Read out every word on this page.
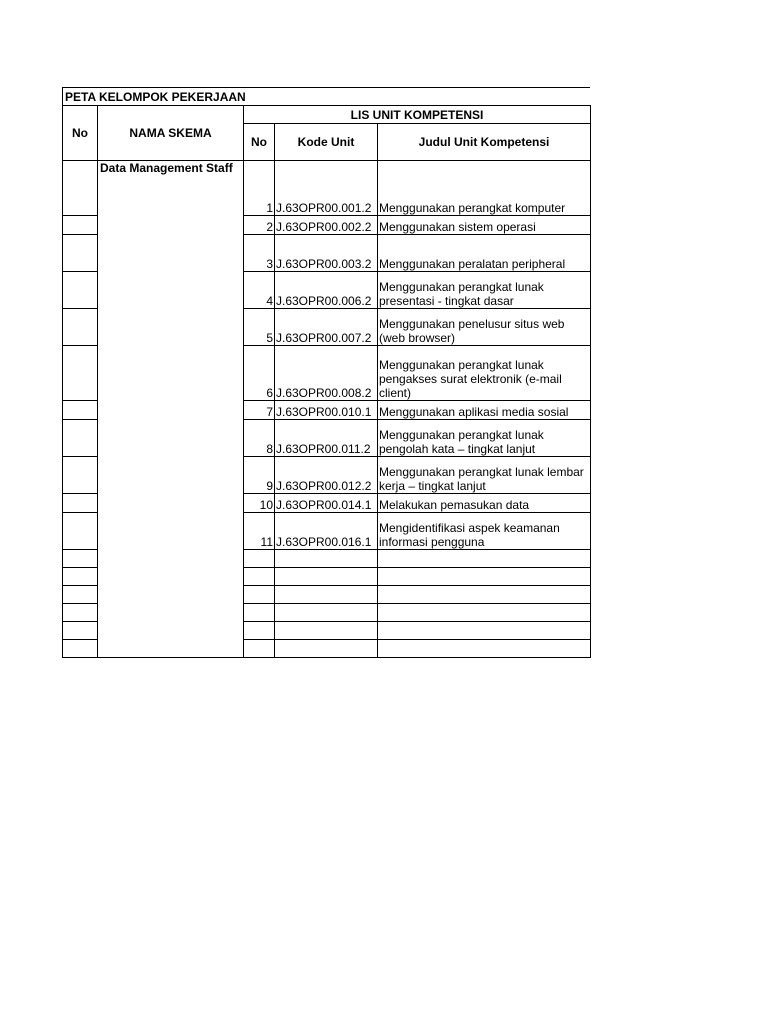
PETA KELOMPOK PEKERJAAN
No	NAMA SKEMA	LIS UNIT KOMPETENSI		
		No	Kode Unit	Judul Unit Kompetensi
	Data Management Staff	1	J.63OPR00.001.2	Menggunakan perangkat komputer
		2	J.63OPR00.002.2	Menggunakan sistem operasi
		3	J.63OPR00.003.2	Menggunakan peralatan peripheral
		4	J.63OPR00.006.2	Menggunakan perangkat lunak presentasi - tingkat dasar
		5	J.63OPR00.007.2	Menggunakan penelusur situs web (web browser)
		6	J.63OPR00.008.2	Menggunakan perangkat lunak pengakses surat elektronik (e-mail client)
		7	J.63OPR00.010.1	Menggunakan aplikasi media sosial
		8	J.63OPR00.011.2	Menggunakan perangkat lunak pengolah kata – tingkat lanjut
		9	J.63OPR00.012.2	Menggunakan perangkat lunak lembar kerja – tingkat lanjut
		10	J.63OPR00.014.1	Melakukan pemasukan data
		11	J.63OPR00.016.1	Mengidentifikasi aspek keamanan informasi pengguna
